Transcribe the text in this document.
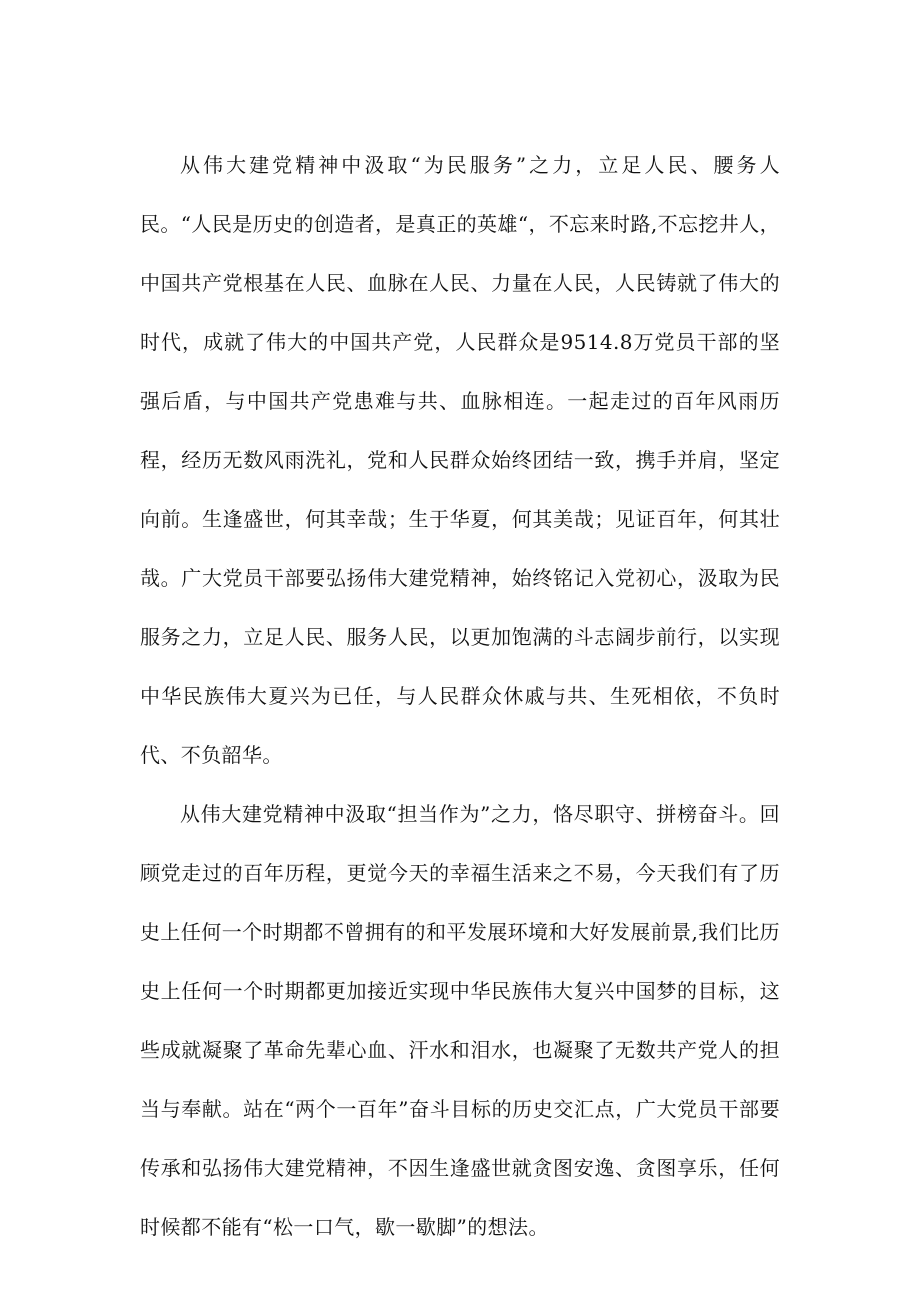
从伟大建党精神中汲取“为民服务”之力，立足人民、腰务人民。“人民是历史的创造者，是真正的英雄“，不忘来时路,不忘挖井人，中国共产党根基在人民、血脉在人民、力量在人民，人民铸就了伟大的时代，成就了伟大的中国共产党，人民群众是9514.8万党员干部的坚强后盾，与中国共产党患难与共、血脉相连。一起走过的百年风雨历程，经历无数风雨洗礼，党和人民群众始终团结一致，携手并肩，坚定向前。生逢盛世，何其幸哉；生于华夏，何其美哉；见证百年，何其壮哉。广大党员干部要弘扬伟大建党精神，始终铭记入党初心，汲取为民服务之力，立足人民、服务人民，以更加饱满的斗志阔步前行，以实现中华民族伟大夏兴为已任，与人民群众休戚与共、生死相依，不负时代、不负韶华。

从伟大建党精神中汲取“担当作为”之力，恪尽职守、拼榜奋斗。回顾党走过的百年历程，更觉今天的幸福生活来之不易，今天我们有了历史上任何一个时期都不曾拥有的和平发展环境和大好发展前景,我们比历史上任何一个时期都更加接近实现中华民族伟大复兴中国梦的目标，这些成就凝聚了革命先辈心血、汗水和泪水，也凝聚了无数共产党人的担当与奉献。站在“两个一百年”奋斗目标的历史交汇点，广大党员干部要传承和弘扬伟大建党精神，不因生逢盛世就贪图安逸、贪图享乐，任何时候都不能有“松一口气，歇一歇脚”的想法。
